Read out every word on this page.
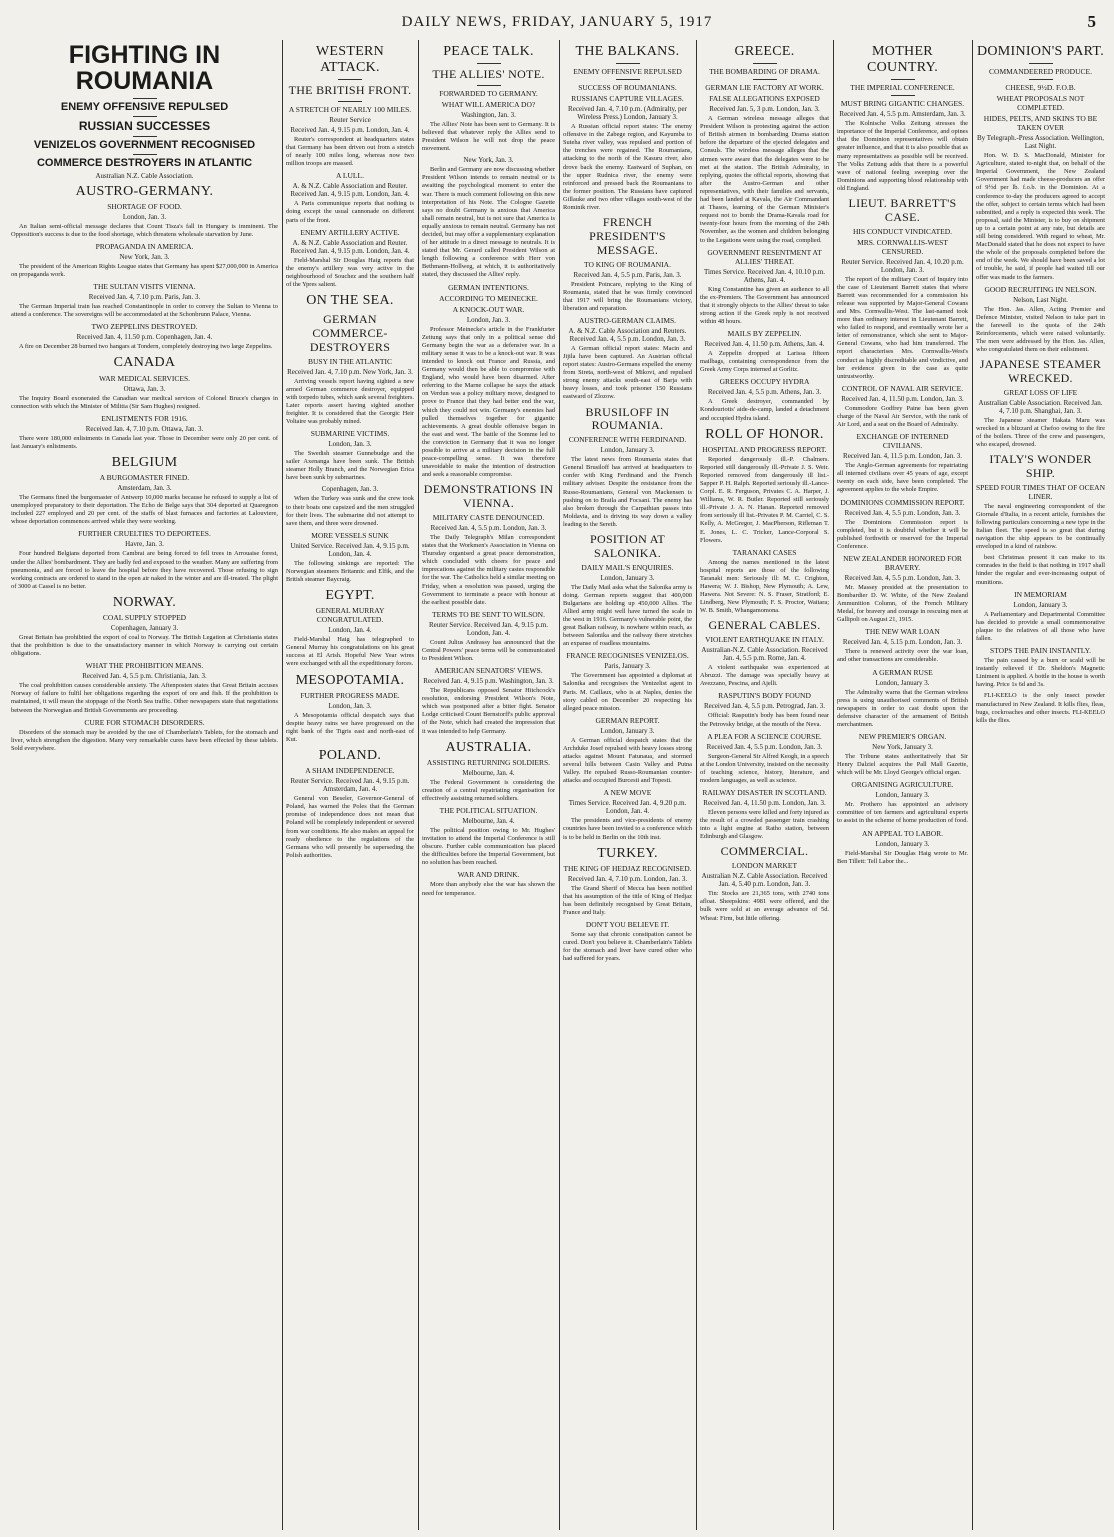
DAILY NEWS, FRIDAY, JANUARY 5, 1917	5
FIGHTING IN ROUMANIA
ENEMY OFFENSIVE REPULSED
RUSSIAN SUCCESSES
VENIZELOS GOVERNMENT RECOGNISED
COMMERCE DESTROYERS IN ATLANTIC
Australian N.Z. Cable Association.
AUSTRO-GERMANY.
SHORTAGE OF FOOD.
London, Jan. 3.
An Italian semi-official message declares that Count Tisza's fall in Hungary is imminent. The Opposition's success is due to the food shortage, which threatens wholesale starvation by June.
PROPAGANDA IN AMERICA.
New York, Jan. 3.
The president of the American Rights League states that Germany has spent $27,000,000 in America on propaganda work.
THE SULTAN VISITS VIENNA.
Received Jan. 4, 7.10 p.m. Paris, Jan. 3.
The German Imperial train has reached Constantinople in order to convey the Sultan to Vienna to attend a conference. The sovereigns will be accommodated at the Schonbrunn Palace, Vienna.
TWO ZEPPELINS DESTROYED.
Received Jan. 4, 11.50 p.m. Copenhagen, Jan. 4.
A fire on December 28 burned two hangars at Tondern, completely destroying two large Zeppelins.
CANADA
WAR MEDICAL SERVICES.
Ottawa, Jan. 3.
The Inquiry Board exonerated the Canadian war medical services of Colonel Bruce's charges in connection with which the Minister of Militia (Sir Sam Hughes) resigned.
ENLISTMENTS FOR 1916.
Received Jan. 4, 7.10 p.m. Ottawa, Jan. 3.
There were 180,000 enlistments in Canada last year. Those in December were only 20 per cent. of last January's enlistments.
BELGIUM
A BURGOMASTER FINED.
Amsterdam, Jan. 3.
The Germans fined the burgomaster of Antwerp 10,000 marks because he refused to supply a list of unemployed preparatory to their deportation. The Echo de Belge says that 304 deported at Quaregnon included 227 employed and 20 per cent. of the staffs of blast furnaces and factories at Lalouviere, whose deportation commences arrived while they were working.
FURTHER CRUELTIES TO DEPORTEES.
Havre, Jan. 3.
Four hundred Belgians deported from Cambrai are being forced to fell trees in Arrouaise forest, under the Allies' bombardment. They are badly fed and exposed to the weather. Many are suffering from pneumonia, and are forced to leave the hospital before they have recovered. Those refusing to sign working contracts are ordered to stand in the open air naked in the winter and are ill-treated. The plight of 3000 at Cassel is no better.
NORWAY.
COAL SUPPLY STOPPED
Copenhagen, January 3.
Great Britain has prohibited the export of coal to Norway. The British Legation at Christiania states that the prohibition is due to the unsatisfactory manner in which Norway is carrying out certain obligations.
WHAT THE PROHIBITION MEANS.
Received Jan. 4, 5.5 p.m. Christiania, Jan. 3.
The coal prohibition causes considerable anxiety. The Aftenposten states that Great Britain accuses Norway of failure to fulfil her obligations regarding the export of ore and fish. If the prohibition is maintained, it will mean the stoppage of the North Sea traffic. Other newspapers state that negotiations between the Norwegian and British Governments are proceeding.
CURE FOR STOMACH DISORDERS.
Disorders of the stomach may be avoided by the use of Chamberlain's Tablets, for the stomach and liver, which strengthen the digestion. Many very remarkable cures have been effected by these tablets. Sold everywhere.
WESTERN ATTACK.
THE BRITISH FRONT.
A STRETCH OF NEARLY 100 MILES.
Reuter Service
Received Jan. 4, 9.15 p.m. London, Jan. 4.
Reuter's correspondent at headquarters states that Germany has been driven out from a stretch of nearly 100 miles long, whereas now two million troops are massed.
A LULL.
A. & N.Z. Cable Association and Reuter. Received Jan. 4, 9.15 p.m. London, Jan. 4.
A Paris communique reports that nothing is doing except the usual cannonade on different parts of the front.
ENEMY ARTILLERY ACTIVE.
A. & N.Z. Cable Association and Reuter. Received Jan. 4, 9.15 p.m. London, Jan. 4.
Field-Marshal Sir Douglas Haig reports that the enemy's artillery was very active in the neighbourhood of Souchez and the southern half of the Ypres salient.
ON THE SEA.
GERMAN COMMERCE-DESTROYERS
BUSY IN THE ATLANTIC
Received Jan. 4, 7.10 p.m. New York, Jan. 3.
Arriving vessels report having sighted a new armed German commerce destroyer, equipped with torpedo tubes, which sank several freighters. Later reports assert having sighted another freighter. It is considered that the Georgic Heir Voltaire was probably mined.
SUBMARINE VICTIMS.
London, Jan. 3.
The Swedish steamer Gunnebudge and the sailer Axenanga have been sunk. The British steamer Holly Branch, and the Norwegian Erica have been sunk by submarines.
Copenhagen, Jan. 3.
When the Turkey was sunk and the crew took to their boats one capsized and the men struggled for their lives. The submarine did not attempt to save them, and three were drowned.
MORE VESSELS SUNK
United Service. Received Jan. 4, 9.15 p.m. London, Jan. 4.
The following sinkings are reported: The Norwegian steamers Britannic and Elfik, and the British steamer Baycraig.
EGYPT.
GENERAL MURRAY CONGRATULATED.
London, Jan. 4.
Field-Marshal Haig has telegraphed to General Murray his congratulations on his great success at El Arish. Hopeful New Year wires were exchanged with all the expeditionary forces.
MESOPOTAMIA.
FURTHER PROGRESS MADE.
London, Jan. 3.
A Mesopotamia official despatch says that despite heavy rains we have progressed on the right bank of the Tigris east and north-east of Kut.
POLAND.
A SHAM INDEPENDENCE.
Reuter Service. Received Jan. 4, 9.15 p.m. Amsterdam, Jan. 4.
General von Beseler, Governor-General of Poland, has warned the Poles that the German promise of independence does not mean that Poland will be completely independent or severed from war conditions. He also makes an appeal for ready obedience to the regulations of the Germans who will presently be superseding the Polish authorities.
PEACE TALK.
THE ALLIES' NOTE.
FORWARDED TO GERMANY.
WHAT WILL AMERICA DO?
Washington, Jan. 3.
The Allies' Note has been sent to Germany. It is believed that whatever reply the Allies send to President Wilson he will not drop the peace movement.
New York, Jan. 3.
Berlin and Germany are now discussing whether President Wilson intends to remain neutral or is awaiting the psychological moment to enter the war. There is much comment following on this new interpretation of his Note. The Cologne Gazette says no doubt Germany is anxious that America shall remain neutral, but is not sure that America is equally anxious to remain neutral. Germany has not decided, but may offer a supplementary explanation of her attitude in a direct message to neutrals. It is stated that Mr. Gerard called President Wilson at length following a conference with Herr von Bethmann-Hollweg, at which, it is authoritatively stated, they discussed the Allies' reply.
GERMAN INTENTIONS.
ACCORDING TO MEINECKE.
A KNOCK-OUT WAR.
London, Jan. 3.
Professor Meinecke's article in the Frankfurter Zeitung says that only in a political sense did Germany begin the war as a defensive war. In a military sense it was to be a knock-out war. It was intended to knock out France and Russia, and Germany would then be able to compromise with England, who would have been disarmed. After referring to the Marne collapse he says the attack on Verdun was a policy military move, designed to prove to France that they had better end the war, which they could not win. Germany's enemies had pulled themselves together for gigantic achievements. A great double offensive began in the east and west. The battle of the Somme led to the conviction in Germany that it was no longer possible to arrive at a military decision in the full peace-compelling sense. It was therefore unavoidable to make the intention of destruction and seek a reasonable compromise.
DEMONSTRATIONS IN VIENNA.
MILITARY CASTE DENOUNCED.
Received Jan. 4, 5.5 p.m. London, Jan. 3.
The Daily Telegraph's Milan correspondent states that the Workmen's Association in Vienna on Thursday organised a great peace demonstration, which concluded with cheers for peace and imprecations against the military castes responsible for the war. The Catholics held a similar meeting on Friday, when a resolution was passed, urging the Government to terminate a peace with honour at the earliest possible date.
TERMS TO BE SENT TO WILSON.
Reuter Service. Received Jan. 4, 9.15 p.m. London, Jan. 4.
Count Julius Andrassy has announced that the Central Powers' peace terms will be communicated to President Wilson.
AMERICAN SENATORS' VIEWS.
Received Jan. 4, 9.15 p.m. Washington, Jan. 3.
The Republicans opposed Senator Hitchcock's resolution, endorsing President Wilson's Note, which was postponed after a bitter fight. Senator Lodge criticised Count Bernstorff's public approval of the Note, which had created the impression that it was intended to help Germany.
AUSTRALIA.
ASSISTING RETURNING SOLDIERS.
Melbourne, Jan. 4.
The Federal Government is considering the creation of a central repatriating organisation for effectively assisting returned soldiers.
THE POLITICAL SITUATION.
Melbourne, Jan. 4.
The political position owing to Mr. Hughes' invitation to attend the Imperial Conference is still obscure. Further cable communication has placed the difficulties before the Imperial Government, but no solution has been reached.
WAR AND DRINK.
More than anybody else the war has shown the need for temperance.
THE BALKANS.
ENEMY OFFENSIVE REPULSED
SUCCESS OF ROUMANIANS.
RUSSIANS CAPTURE VILLAGES.
Received Jan. 4, 7.10 p.m. (Admiralty, per Wireless Press.) London, January 3.
A Russian official report states: The enemy offensive in the Zabege region, and Kayumba to Suteha river valley, was repulsed and portion of the trenches were regained. The Roumanians, attacking to the north of the Kasuru river, also drove back the enemy. Eastward of Suphan, on the upper Rudnica river, the enemy were reinforced and pressed back the Roumanians to the former position. The Russians have captured Gillauke and two other villages south-west of the Rominik river.
FRENCH PRESIDENT'S MESSAGE.
TO KING OF ROUMANIA.
Received Jan. 4, 5.5 p.m. Paris, Jan. 3.
President Poincare, replying to the King of Roumania, stated that he was firmly convinced that 1917 will bring the Roumanians victory, liberation and reparation.
AUSTRO-GERMAN CLAIMS.
A. & N.Z. Cable Association and Reuters. Received Jan. 4, 5.5 p.m. London, Jan. 3.
A German official report states: Macin and Jijila have been captured. An Austrian official report states: Austro-Germans expelled the enemy from Sireta, north-west of Mikovi, and repulsed strong enemy attacks south-east of Barja with heavy losses, and took prisoner 150 Russians eastward of Zlozow.
BRUSILOFF IN ROUMANIA.
CONFERENCE WITH FERDINAND.
London, January 3.
The latest news from Roumania states that General Brusiloff has arrived at headquarters to confer with King Ferdinand and the French military adviser. Despite the resistance from the Russo-Roumanians, General von Mackensen is pushing on to Braila and Focsani. The enemy has also broken through the Carpathian passes into Moldavia, and is driving its way down a valley leading to the Sereth.
POSITION AT SALONIKA.
DAILY MAIL'S ENQUIRIES.
London, January 3.
The Daily Mail asks what the Salonika army is doing. German reports suggest that 400,000 Bulgarians are holding up 450,000 Allies. The Allied army might well have turned the scale in the west in 1916. Germany's vulnerable point, the great Balkan railway, is nowhere within reach, as between Salonika and the railway there stretches an expanse of roadless mountains.
FRANCE RECOGNISES VENIZELOS.
Paris, January 3.
The Government has appointed a diplomat at Salonika and recognises the Venizelist agent in Paris. M. Caillaux, who is at Naples, denies the story cabled on December 20 respecting his alleged peace mission.
GERMAN REPORT.
London, January 3.
A German official despatch states that the Archduke Josef repulsed with heavy losses strong attacks against Mount Fatunaua, and stormed several hills between Casin Valley and Putna Valley. He repulsed Russo-Roumanian counter-attacks and occupied Burcesti and Topesti.
A NEW MOVE
Times Service. Received Jan. 4, 9.20 p.m. London, Jan. 4.
The presidents and vice-presidents of enemy countries have been invited to a conference which is to be held in Berlin on the 10th inst.
TURKEY.
THE KING OF HEDJAZ RECOGNISED.
Received Jan. 4, 7.10 p.m. London, Jan. 3.
The Grand Sherif of Mecca has been notified that his assumption of the title of King of Hedjaz has been definitely recognised by Great Britain, France and Italy.
DON'T YOU BELIEVE IT.
Some say that chronic constipation cannot be cured. Don't you believe it. Chamberlain's Tablets for the stomach and liver have cured other who had suffered for years.
GREECE.
THE BOMBARDING OF DRAMA.
GERMAN LIE FACTORY AT WORK.
FALSE ALLEGATIONS EXPOSED
Received Jan. 5, 3 p.m. London, Jan. 3.
A German wireless message alleges that President Wilson is protesting against the action of British airmen in bombarding Drama station before the departure of the ejected delegates and Consuls. The wireless message alleges that the airmen were aware that the delegates were to be met at the station. The British Admiralty, in replying, quotes the official reports, showing that after the Austro-German and other representatives, with their families and servants, had been landed at Kavala, the Air Commandant at Thasos, learning of the German Minister's request not to bomb the Drama-Kavala road for twenty-four hours from the morning of the 24th November, as the women and children belonging to the Legations were using the road, complied.
GOVERNMENT RESENTMENT AT ALLIES' THREAT.
Times Service. Received Jan. 4, 10.10 p.m. Athens, Jan. 4.
King Constantine has given an audience to all the ex-Premiers. The Government has announced that it strongly objects to the Allies' threat to take strong action if the Greek reply is not received within 48 hours.
MAILS BY ZEPPELIN.
Received Jan. 4, 11.50 p.m. Athens, Jan. 4.
A Zeppelin dropped at Larissa fifteen mailbags, containing correspondence from the Greek Army Corps interned at Gorlitz.
GREEKS OCCUPY HYDRA
Received Jan. 4, 5.5 p.m. Athens, Jan. 3.
A Greek destroyer, commanded by Kondouriotis' aide-de-camp, landed a detachment and occupied Hydra island.
ROLL OF HONOR.
HOSPITAL AND PROGRESS REPORT.
Reported dangerously ill.-P. Chalmers. Reported still dangerously ill.-Private J. S. Weir. Reported removed from dangerously ill list.-Sapper P. H. Ralph. Reported seriously ill.-Lance-Corpl. E. R. Ferguson, Privates C. A. Harper, J. Williams, W. R. Butler. Reported still seriously ill.-Private J. A. N. Hanan. Reported removed from seriously ill list.-Privates P. M. Carriel, C. S. Kelly, A. McGregor, J. MacPherson, Rifleman T. E. Jones, L. C. Tricker, Lance-Corporal S. Flowers.
TARANAKI CASES
Among the names mentioned in the latest hospital reports are those of the following Taranaki men: Seriously ill: M. C. Crighton, Hawera; W. J. Bishop, New Plymouth; A. Lew, Hawera. Not Severe: N. S. Fraser, Stratford; E. Lindberg, New Plymouth; F. S. Proctor, Waitara; W. B. Smith, Whangamomona.
GENERAL CABLES.
VIOLENT EARTHQUAKE IN ITALY.
Australian-N.Z. Cable Association. Received Jan. 4, 5.5 p.m. Rome, Jan. 4.
A violent earthquake was experienced at Abruzzi. The damage was specially heavy at Avezzano, Pescina, and Ajelli.
RASPUTIN'S BODY FOUND
Received Jan. 4, 5.5 p.m. Petrograd, Jan. 3.
Official: Rasputin's body has been found near the Petrovsky bridge, at the mouth of the Neva.
A PLEA FOR A SCIENCE COURSE.
Received Jan. 4, 5.5 p.m. London, Jan. 3.
Surgeon-General Sir Alfred Keogh, in a speech at the London University, insisted on the necessity of teaching science, history, literature, and modern languages, as well as science.
RAILWAY DISASTER IN SCOTLAND.
Received Jan. 4, 11.50 p.m. London, Jan. 3.
Eleven persons were killed and forty injured as the result of a crowded passenger train crashing into a light engine at Ratho station, between Edinburgh and Glasgow.
COMMERCIAL.
LONDON MARKET
Australian N.Z. Cable Association. Received Jan. 4, 5.40 p.m. London, Jan. 3.
Tin: Stocks are 21,365 tons, with 2740 tons afloat. Sheepskins: 4981 were offered, and the bulk were sold at an average advance of 5d. Wheat: Firm, but little offering.
MOTHER COUNTRY.
THE IMPERIAL CONFERENCE.
MUST BRING GIGANTIC CHANGES.
Received Jan. 4, 5.5 p.m. Amsterdam, Jan. 3.
The Kolnische Volks Zeitung stresses the importance of the Imperial Conference, and opines that the Dominion representatives will obtain greater influence, and that it is also possible that as many representatives as possible will be received. The Volks Zeitung adds that there is a powerful wave of national feeling sweeping over the Dominions and supporting blood relationship with old England.
LIEUT. BARRETT'S CASE.
HIS CONDUCT VINDICATED.
MRS. CORNWALLIS-WEST CENSURED.
Reuter Service. Received Jan. 4, 10.20 p.m. London, Jan. 3.
The report of the military Court of Inquiry into the case of Lieutenant Barrett states that where Barrett was recommended for a commission his release was supported by Major-General Cowans and Mrs. Cornwallis-West. The last-named took more than ordinary interest in Lieutenant Barrett, who failed to respond, and eventually wrote her a letter of remonstrance, which she sent to Major-General Cowans, who had him transferred. The report characterises Mrs. Cornwallis-West's conduct as highly discreditable and vindictive, and her evidence given in the case as quite untrustworthy.
CONTROL OF NAVAL AIR SERVICE.
Received Jan. 4, 11.50 p.m. London, Jan. 3.
Commodore Godfrey Paine has been given charge of the Naval Air Service, with the rank of Air Lord, and a seat on the Board of Admiralty.
EXCHANGE OF INTERNED CIVILIANS.
Received Jan. 4, 11.5 p.m. London, Jan. 3.
The Anglo-German agreements for repatriating all interned civilians over 45 years of age, except twenty on each side, have been completed. The agreement applies to the whole Empire.
DOMINIONS COMMISSION REPORT.
Received Jan. 4, 5.5 p.m. London, Jan. 3.
The Dominions Commission report is completed, but it is doubtful whether it will be published forthwith or reserved for the Imperial Conference.
NEW ZEALANDER HONORED FOR BRAVERY.
Received Jan. 4, 5.5 p.m. London, Jan. 3.
Mr. Massey presided at the presentation to Bombardier D. W. White, of the New Zealand Ammunition Column, of the French Military Medal, for bravery and courage in rescuing men at Gallipoli on August 21, 1915.
THE NEW WAR LOAN
Received Jan. 4, 5.15 p.m. London, Jan. 3.
There is renewed activity over the war loan, and other transactions are considerable.
A GERMAN RUSE
London, January 3.
The Admiralty warns that the German wireless press is using unauthorised comments of British newspapers in order to cast doubt upon the defensive character of the armament of British merchantmen.
NEW PREMIER'S ORGAN.
New York, January 3.
The Tribune states authoritatively that Sir Henry Dalziel acquires the Pall Mall Gazette, which will be Mr. Lloyd George's official organ.
ORGANISING AGRICULTURE.
London, January 3.
Mr. Prothero has appointed an advisory committee of ten farmers and agricultural experts to assist in the scheme of home production of food.
AN APPEAL TO LABOR.
London, January 3.
Field-Marshal Sir Douglas Haig wrote to Mr. Ben Tillett: Tell Labor the...
DOMINION'S PART.
COMMANDEERED PRODUCE.
CHEESE, 9½D. F.O.B.
WHEAT PROPOSALS NOT COMPLETED.
HIDES, PELTS, AND SKINS TO BE TAKEN OVER
By Telegraph.-Press Association. Wellington, Last Night.
Hon. W. D. S. MacDonald, Minister for Agriculture, stated to-night that, on behalf of the Imperial Government, the New Zealand Government had made cheese-producers an offer of 9½d per lb. f.o.b. in the Dominion. At a conference to-day the producers agreed to accept the offer, subject to certain terms which had been submitted, and a reply is expected this week. The proposal, said the Minister, is to buy on shipment up to a certain point at any rate, but details are still being considered. With regard to wheat, Mr. MacDonald stated that he does not expect to have the whole of the proposals completed before the end of the week. We should have been saved a lot of trouble, he said, if people had waited till our offer was made to the farmers.
GOOD RECRUITING IN NELSON.
Nelson, Last Night.
The Hon. Jas. Allen, Acting Premier and Defence Minister, visited Nelson to take part in the farewell to the quota of the 24th Reinforcements, which were raised voluntarily. The men were addressed by the Hon. Jas. Allen, who congratulated them on their enlistment.
JAPANESE STEAMER WRECKED.
GREAT LOSS OF LIFE
Australian Cable Association. Received Jan. 4, 7.10 p.m. Shanghai, Jan. 3.
The Japanese steamer Hakata Maru was wrecked in a blizzard at Chefoo owing to the fire of the boilers. Three of the crew and passengers, who escaped, drowned.
ITALY'S WONDER SHIP.
SPEED FOUR TIMES THAT OF OCEAN LINER.
The naval engineering correspondent of the Giornale d'Italia, in a recent article, furnishes the following particulars concerning a new type in the Italian fleet. The speed is so great that during navigation the ship appears to be continually enveloped in a kind of rainbow.
best Christmas present it can make to its comrades in the field is that nothing in 1917 shall hinder the regular and ever-increasing output of munitions.
IN MEMORIAM
London, January 3.
A Parliamentary and Departmental Committee has decided to provide a small commemorative plaque to the relatives of all those who have fallen.
STOPS THE PAIN INSTANTLY.
The pain caused by a burn or scald will be instantly relieved if Dr. Sheldon's Magnetic Liniment is applied. A bottle in the house is worth having. Price 1s 6d and 3s.
FLI-KEELO is the only insect powder manufactured in New Zealand. It kills flies, fleas, bugs, cockroaches and other insects. FLI-KEELO kills the flies.
